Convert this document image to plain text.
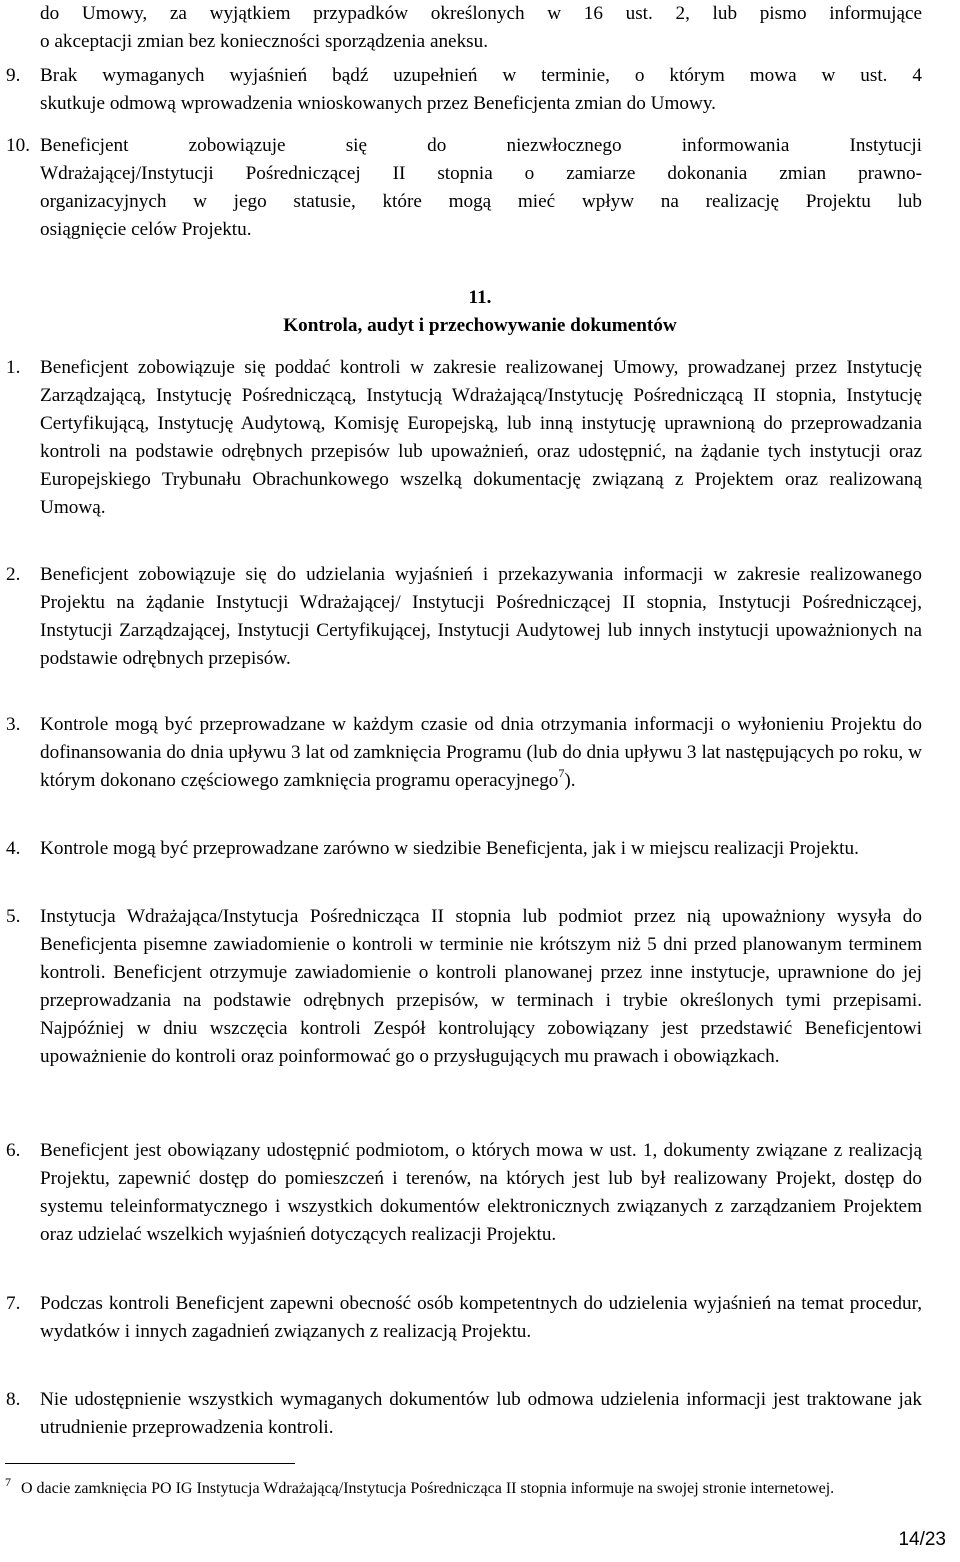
do Umowy, za wyjątkiem przypadków określonych w 16 ust. 2, lub pismo informujące
o akceptacji zmian bez konieczności sporządzenia aneksu.
9. Brak wymaganych wyjaśnień bądź uzupełnień w terminie, o którym mowa w ust. 4
skutkuje odmową wprowadzenia wnioskowanych przez Beneficjenta zmian do Umowy.
10. Beneficjent zobowiązuje się do niezwłocznego informowania Instytucji
Wdrażającej/Instytucji Pośredniczącej II stopnia o zamiarze dokonania zmian prawno-
organizacyjnych w jego statusie, które mogą mieć wpływ na realizację Projektu lub
osiągnięcie celów Projektu.
11.
Kontrola, audyt i przechowywanie dokumentów
1. Beneficjent zobowiązuje się poddać kontroli w zakresie realizowanej Umowy, prowadzanej przez Instytucję Zarządzającą, Instytucję Pośredniczącą, Instytucją Wdrażającą/Instytucję Pośredniczącą II stopnia, Instytucję Certyfikującą, Instytucję Audytową, Komisję Europejską, lub inną instytucję uprawnioną do przeprowadzania kontroli na podstawie odrębnych przepisów lub upoważnień, oraz udostępnić, na żądanie tych instytucji oraz Europejskiego Trybunału Obrachunkowego wszelką dokumentację związaną z Projektem oraz realizowaną Umową.

2. Beneficjent zobowiązuje się do udzielania wyjaśnień i przekazywania informacji w zakresie realizowanego Projektu na żądanie Instytucji Wdrażającej/ Instytucji Pośredniczącej II stopnia, Instytucji Pośredniczącej, Instytucji Zarządzającej, Instytucji Certyfikującej, Instytucji Audytowej lub innych instytucji upoważnionych na podstawie odrębnych przepisów.

3. Kontrole mogą być przeprowadzane w każdym czasie od dnia otrzymania informacji o wyłonieniu Projektu do dofinansowania do dnia upływu 3 lat od zamknięcia Programu (lub do dnia upływu 3 lat następujących po roku, w którym dokonano częściowego zamknięcia programu operacyjnego$^7$).

4. Kontrole mogą być przeprowadzane zarówno w siedzibie Beneficjenta, jak i w miejscu realizacji Projektu.

5. Instytucja Wdrażająca/Instytucja Pośrednicząca II stopnia lub podmiot przez nią upoważniony wysyła do Beneficjenta pisemne zawiadomienie o kontroli w terminie nie krótszym niż 5 dni przed planowanym terminem kontroli. Beneficjent otrzymuje zawiadomienie o kontroli planowanej przez inne instytucje, uprawnione do jej przeprowadzania na podstawie odrębnych przepisów, w terminach i trybie określonych tymi przepisami. Najpóźniej w dniu wszczęcia kontroli Zespół kontrolujący zobowiązany jest przedstawić Beneficjentowi upoważnienie do kontroli oraz poinformować go o przysługujących mu prawach i obowiązkach.

6. Beneficjent jest obowiązany udostępnić podmiotom, o których mowa w ust. 1, dokumenty związane z realizacją Projektu, zapewnić dostęp do pomieszczeń i terenów, na których jest lub był realizowany Projekt, dostęp do systemu teleinformatycznego i wszystkich dokumentów elektronicznych związanych z zarządzaniem Projektem oraz udzielać wszelkich wyjaśnień dotyczących realizacji Projektu.

7. Podczas kontroli Beneficjent zapewni obecność osób kompetentnych do udzielenia wyjaśnień na temat procedur, wydatków i innych zagadnień związanych z realizacją Projektu.

8. Nie udostępnienie wszystkich wymaganych dokumentów lub odmowa udzielenia informacji jest traktowane jak utrudnienie przeprowadzenia kontroli.

7 O dacie zamknięcia PO IG Instytucja Wdrażającą/Instytucja Pośrednicząca II stopnia informuje na swojej stronie internetowej.

14/23
